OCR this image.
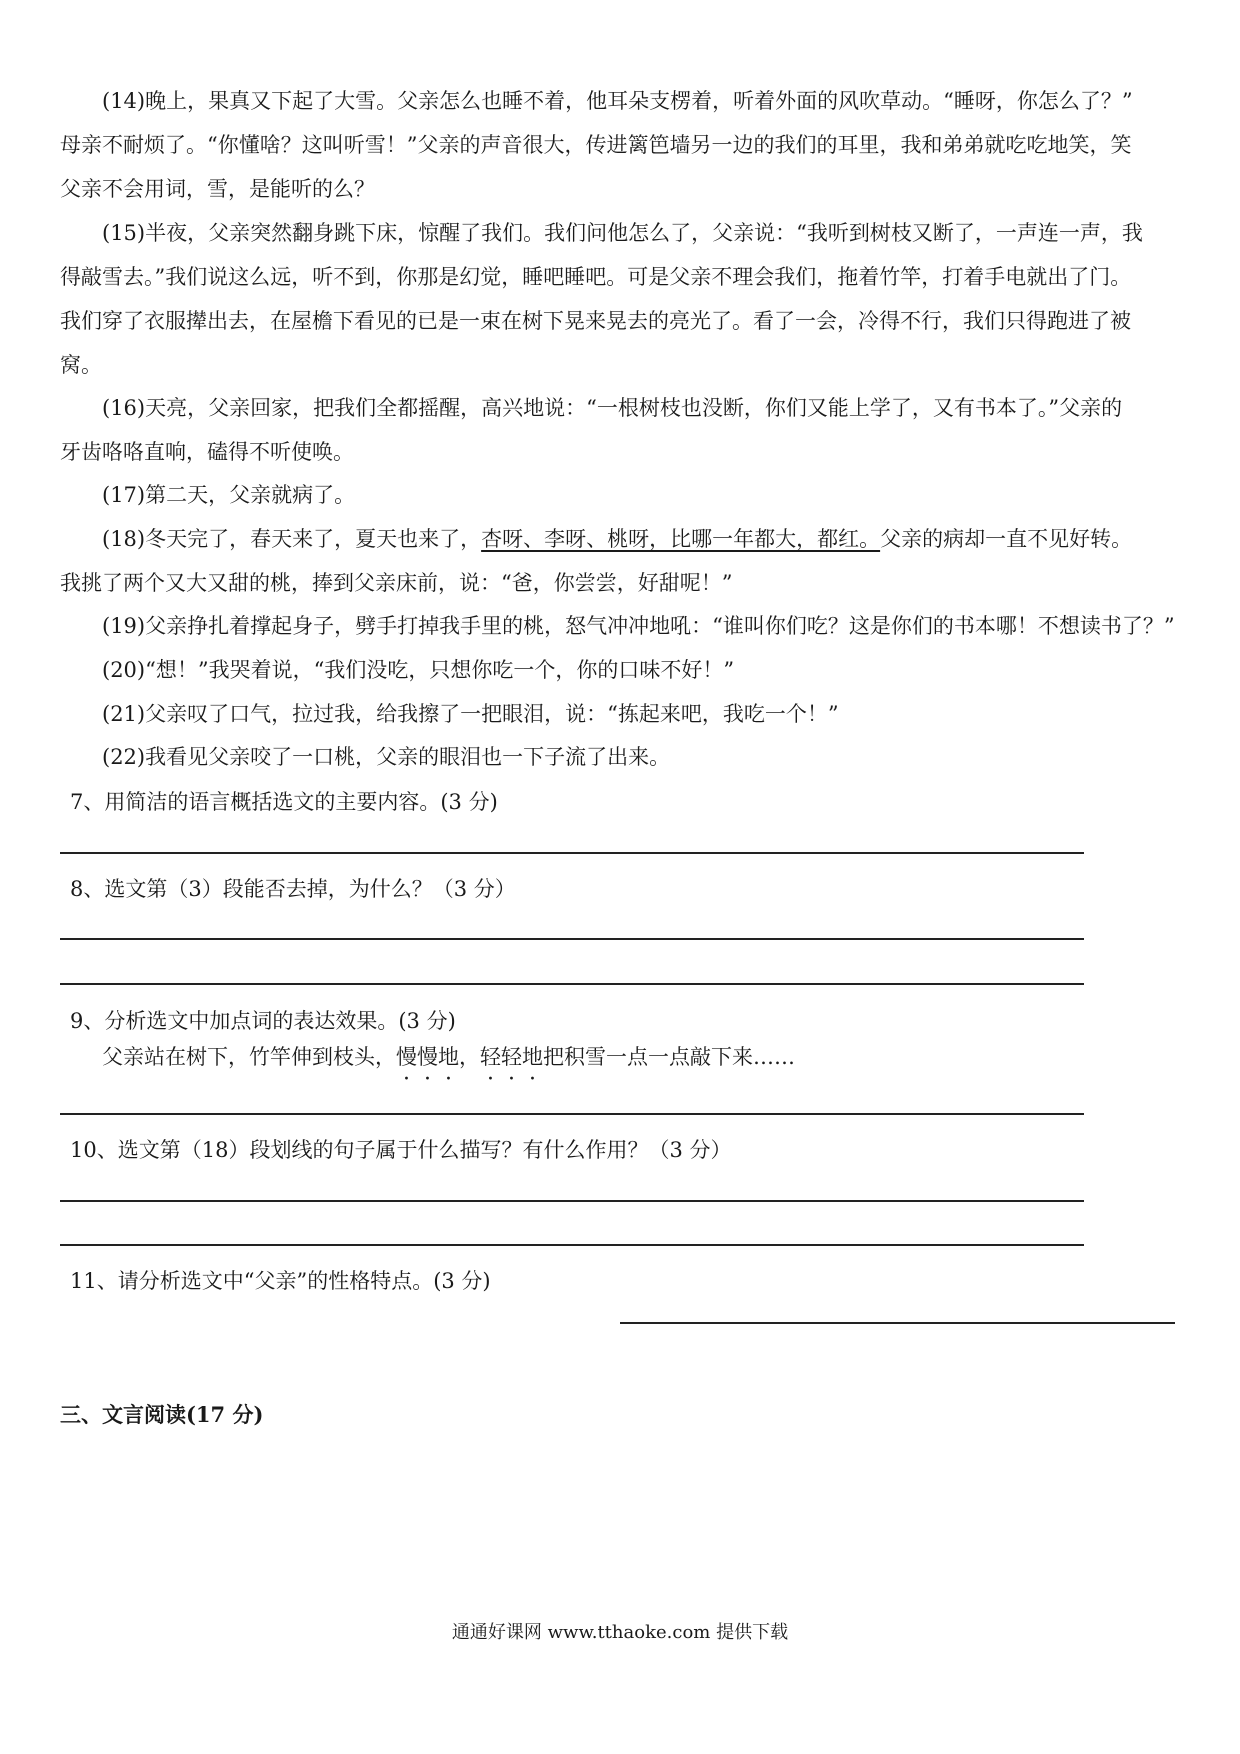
(14)晚上，果真又下起了大雪。父亲怎么也睡不着，他耳朵支楞着，听着外面的风吹草动。“睡呀，你怎么了？”
母亲不耐烦了。“你懂啥？这叫听雪！”父亲的声音很大，传进篱笆墙另一边的我们的耳里，我和弟弟就吃吃地笑，笑
父亲不会用词，雪，是能听的么？
(15)半夜，父亲突然翻身跳下床，惊醒了我们。我们问他怎么了，父亲说：“我听到树枝又断了，一声连一声，我
得敲雪去。”我们说这么远，听不到，你那是幻觉，睡吧睡吧。可是父亲不理会我们，拖着竹竿，打着手电就出了门。
我们穿了衣服撵出去，在屋檐下看见的已是一束在树下晃来晃去的亮光了。看了一会，冷得不行，我们只得跑进了被
窝。
(16)天亮，父亲回家，把我们全都摇醒，高兴地说：“一根树枝也没断，你们又能上学了，又有书本了。”父亲的
牙齿咯咯直响，磕得不听使唤。
(17)第二天，父亲就病了。
(18)冬天完了，春天来了，夏天也来了，杏呀、李呀、桃呀，比哪一年都大，都红。父亲的病却一直不见好转。
我挑了两个又大又甜的桃，捧到父亲床前，说：“爸，你尝尝，好甜呢！”
(19)父亲挣扎着撑起身子，劈手打掉我手里的桃，怒气冲冲地吼：“谁叫你们吃？这是你们的书本哪！不想读书了？”
(20)“想！”我哭着说，“我们没吃，只想你吃一个，你的口味不好！”
(21)父亲叹了口气，拉过我，给我擦了一把眼泪，说：“拣起来吧，我吃一个！”
(22)我看见父亲咬了一口桃，父亲的眼泪也一下子流了出来。
7、用简洁的语言概括选文的主要内容。(3 分)
8、选文第（3）段能否去掉，为什么？（3 分）
9、分析选文中加点词的表达效果。(3 分)
父亲站在树下，竹竿伸到枝头，慢慢地，轻轻地把积雪一点一点敲下来……
10、选文第（18）段划线的句子属于什么描写？有什么作用？（3 分）
11、请分析选文中“父亲”的性格特点。(3 分)
三、文言阅读(17 分)
通通好课网 www.tthaoke.com 提供下载
